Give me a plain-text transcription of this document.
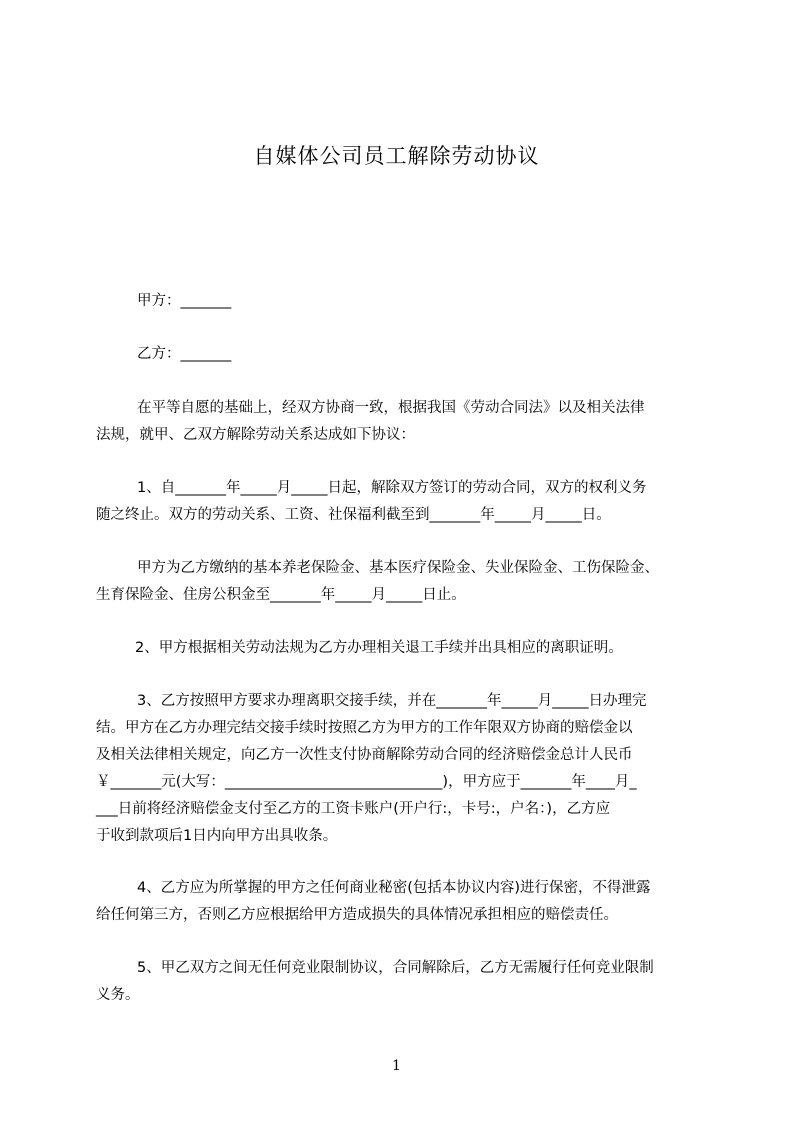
自媒体公司员工解除劳动协议
甲方：_______
乙方：_______
在平等自愿的基础上，经双方协商一致，根据我国《劳动合同法》以及相关法律
法规，就甲、乙双方解除劳动关系达成如下协议：
1、自_______年_____月_____日起，解除双方签订的劳动合同，双方的权利义务
随之终止。双方的劳动关系、工资、社保福利截至到_______年_____月_____日。
甲方为乙方缴纳的基本养老保险金、基本医疗保险金、失业保险金、工伤保险金、
生育保险金、住房公积金至_______年_____月_____日止。
2、甲方根据相关劳动法规为乙方办理相关退工手续并出具相应的离职证明。
3、乙方按照甲方要求办理离职交接手续，并在_______年_____月_____日办理完
结。甲方在乙方办理完结交接手续时按照乙方为甲方的工作年限双方协商的赔偿金以
及相关法律相关规定，向乙方一次性支付协商解除劳动合同的经济赔偿金总计人民币
￥_______元(大写：______________________________)，甲方应于_______年____月_
___日前将经济赔偿金支付至乙方的工资卡账户(开户行:，卡号:，户名：)，乙方应
于收到款项后1日内向甲方出具收条。
4、乙方应为所掌握的甲方之任何商业秘密(包括本协议内容)进行保密，不得泄露
给任何第三方，否则乙方应根据给甲方造成损失的具体情况承担相应的赔偿责任。
5、甲乙双方之间无任何竞业限制协议，合同解除后，乙方无需履行任何竞业限制
义务。
1
